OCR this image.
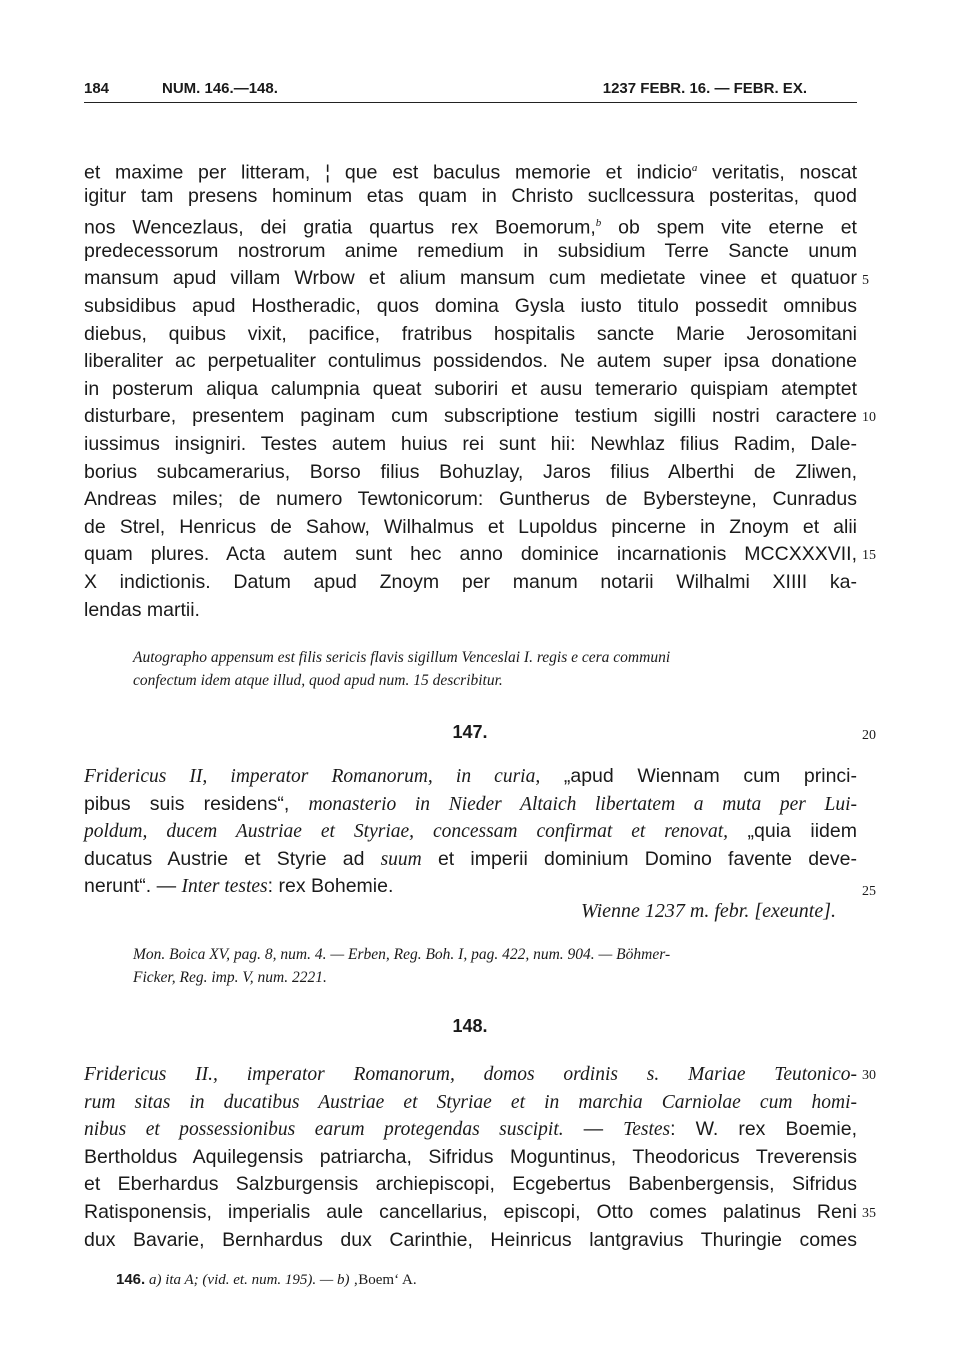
184	NUM. 146.—148.	1237 FEBR. 16. — FEBR. EX.
et maxime per litteram, ¦ que est baculus memorie et indicio$^a$ veritatis, noscat
igitur tam presens hominum etas quam in Christo suc‖cessura posteritas, quod
nos Wencezlaus, dei gratia quartus rex Boemorum,$^b$ ob spem vite eterne et
predecessorum nostrorum anime remedium in subsidium Terre Sancte unum
mansum apud villam Wrbow et alium mansum cum medietate vinee et quatuor
subsidibus apud Hostheradic, quos domina Gysla iusto titulo possedit omnibus
diebus, quibus vixit, pacifice, fratribus hospitalis sancte Marie Jerosomitani
liberaliter ac perpetualiter contulimus possidendos. Ne autem super ipsa donatione
in posterum aliqua calumpnia queat suboriri et ausu temerario quispiam atemptet
disturbare, presentem paginam cum subscriptione testium sigilli nostri caractere
iussimus insigniri. Testes autem huius rei sunt hii: Newhlaz filius Radim, Dale-
borius subcamerarius, Borso filius Bohuzlay, Jaros filius Alberthi de Zliwen,
Andreas miles; de numero Tewtonicorum: Guntherus de Bybersteyne, Cunradus
de Strel, Henricus de Sahow, Wilhalmus et Lupoldus pincerne in Znoym et alii
quam plures. Acta autem sunt hec anno dominice incarnationis MCCXXXVII,
X indictionis. Datum apud Znoym per manum notarii Wilhalmi XIIII ka-
lendas martii.
Autographo appensum est filis sericis flavis sigillum Venceslai I. regis e cera communi
confectum idem atque illud, quod apud num. 15 describitur.
147.
Fridericus II, imperator Romanorum, in curia, „apud Wiennam cum princi-
pibus suis residens“, monasterio in Nieder Altaich libertatem a muta per Lui-
poldum, ducem Austriae et Styriae, concessam confirmat et renovat, „quia iidem
ducatus Austrie et Styrie ad suum et imperii dominium Domino favente deve-
nerunt“. — Inter testes: rex Bohemie.
Wienne 1237 m. febr. [exeunte].
Mon. Boica XV, pag. 8, num. 4. — Erben, Reg. Boh. I, pag. 422, num. 904. — Böhmer-
Ficker, Reg. imp. V, num. 2221.
148.
Fridericus II., imperator Romanorum, domos ordinis s. Mariae Teutonico-
rum sitas in ducatibus Austriae et Styriae et in marchia Carniolae cum homi-
nibus et possessionibus earum protegendas suscipit. — Testes: W. rex Boemie,
Bertholdus Aquilegensis patriarcha, Sifridus Moguntinus, Theodoricus Treverensis
et Eberhardus Salzburgensis archiepiscopi, Ecgebertus Babenbergensis, Sifridus
Ratisponensis, imperialis aule cancellarius, episcopi, Otto comes palatinus Reni
dux Bavarie, Bernhardus dux Carinthie, Heinricus lantgravius Thuringie comes
5
10
15
20
25
30
35
146. a) ita A; (vid. et. num. 195). — b) ‚Boem‘ A.
